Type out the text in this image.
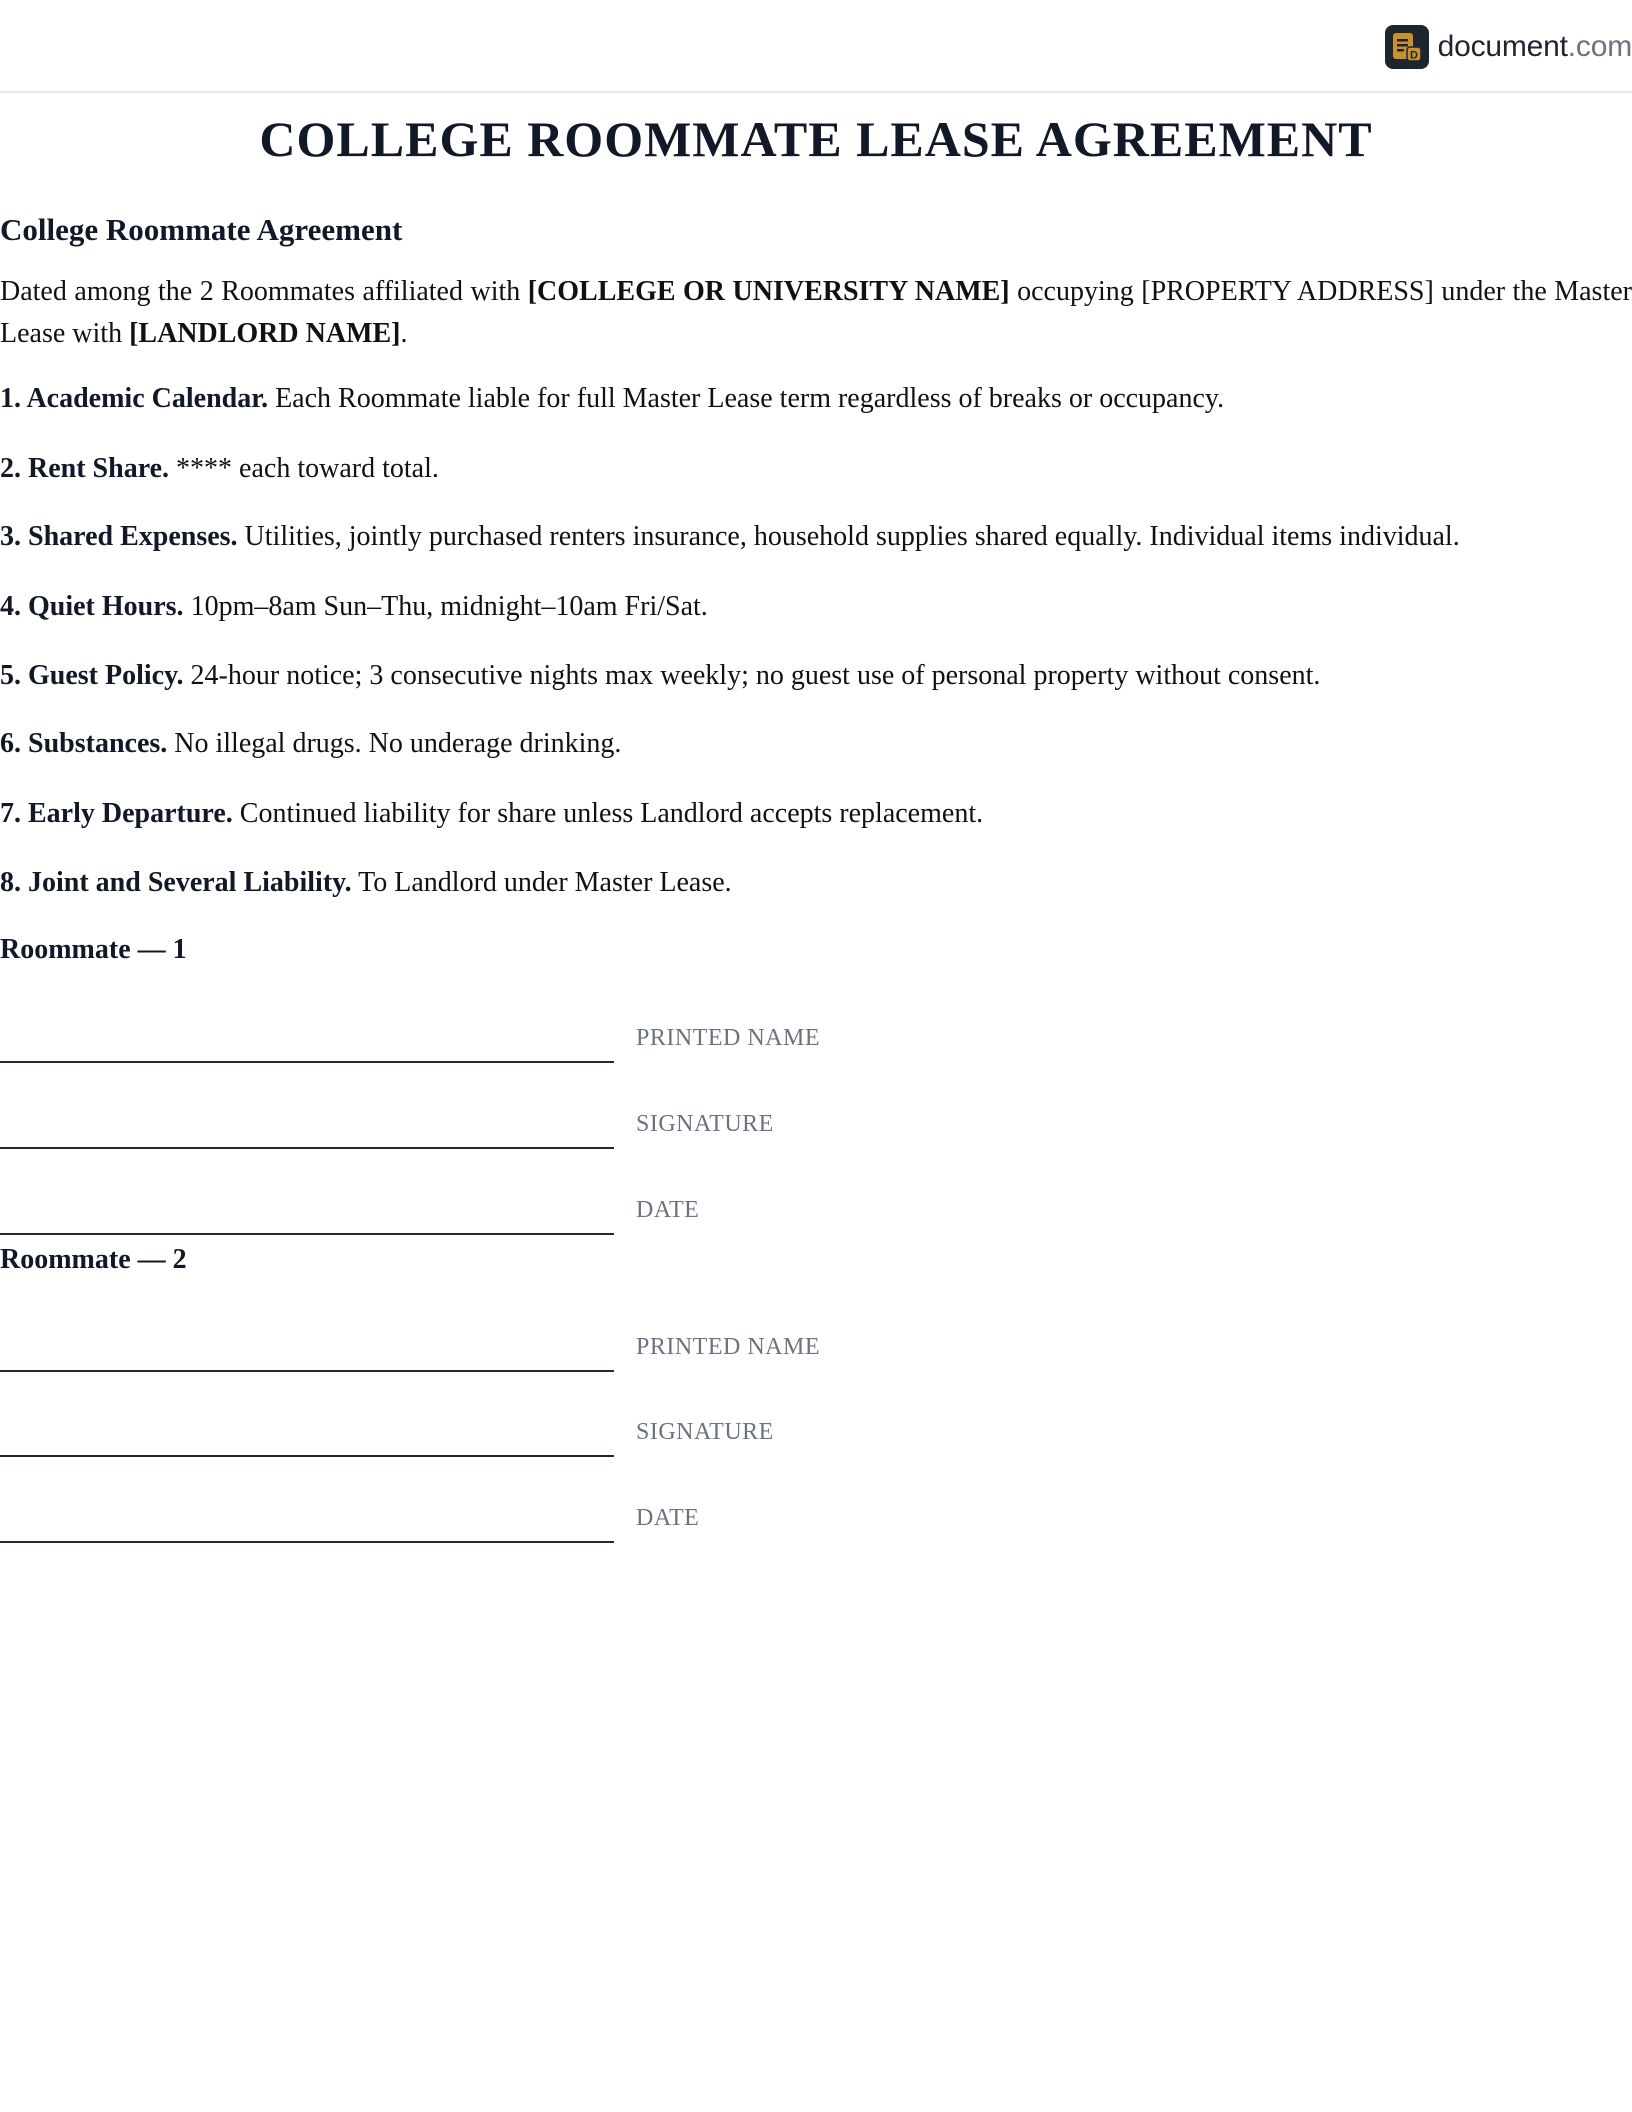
D document.com
COLLEGE ROOMMATE LEASE AGREEMENT
College Roommate Agreement

Dated among the 2 Roommates affiliated with [COLLEGE OR UNIVERSITY NAME] occupying [PROPERTY ADDRESS] under the Master Lease with [LANDLORD NAME].

1. Academic Calendar. Each Roommate liable for full Master Lease term regardless of breaks or occupancy.

2. Rent Share. **** each toward total.

3. Shared Expenses. Utilities, jointly purchased renters insurance, household supplies shared equally. Individual items individual.

4. Quiet Hours. 10pm–8am Sun–Thu, midnight–10am Fri/Sat.

5. Guest Policy. 24-hour notice; 3 consecutive nights max weekly; no guest use of personal property without consent.

6. Substances. No illegal drugs. No underage drinking.

7. Early Departure. Continued liability for share unless Landlord accepts replacement.

8. Joint and Several Liability. To Landlord under Master Lease.

Roommate — 1
PRINTED NAME
SIGNATURE
DATE
Roommate — 2
PRINTED NAME
SIGNATURE
DATE
